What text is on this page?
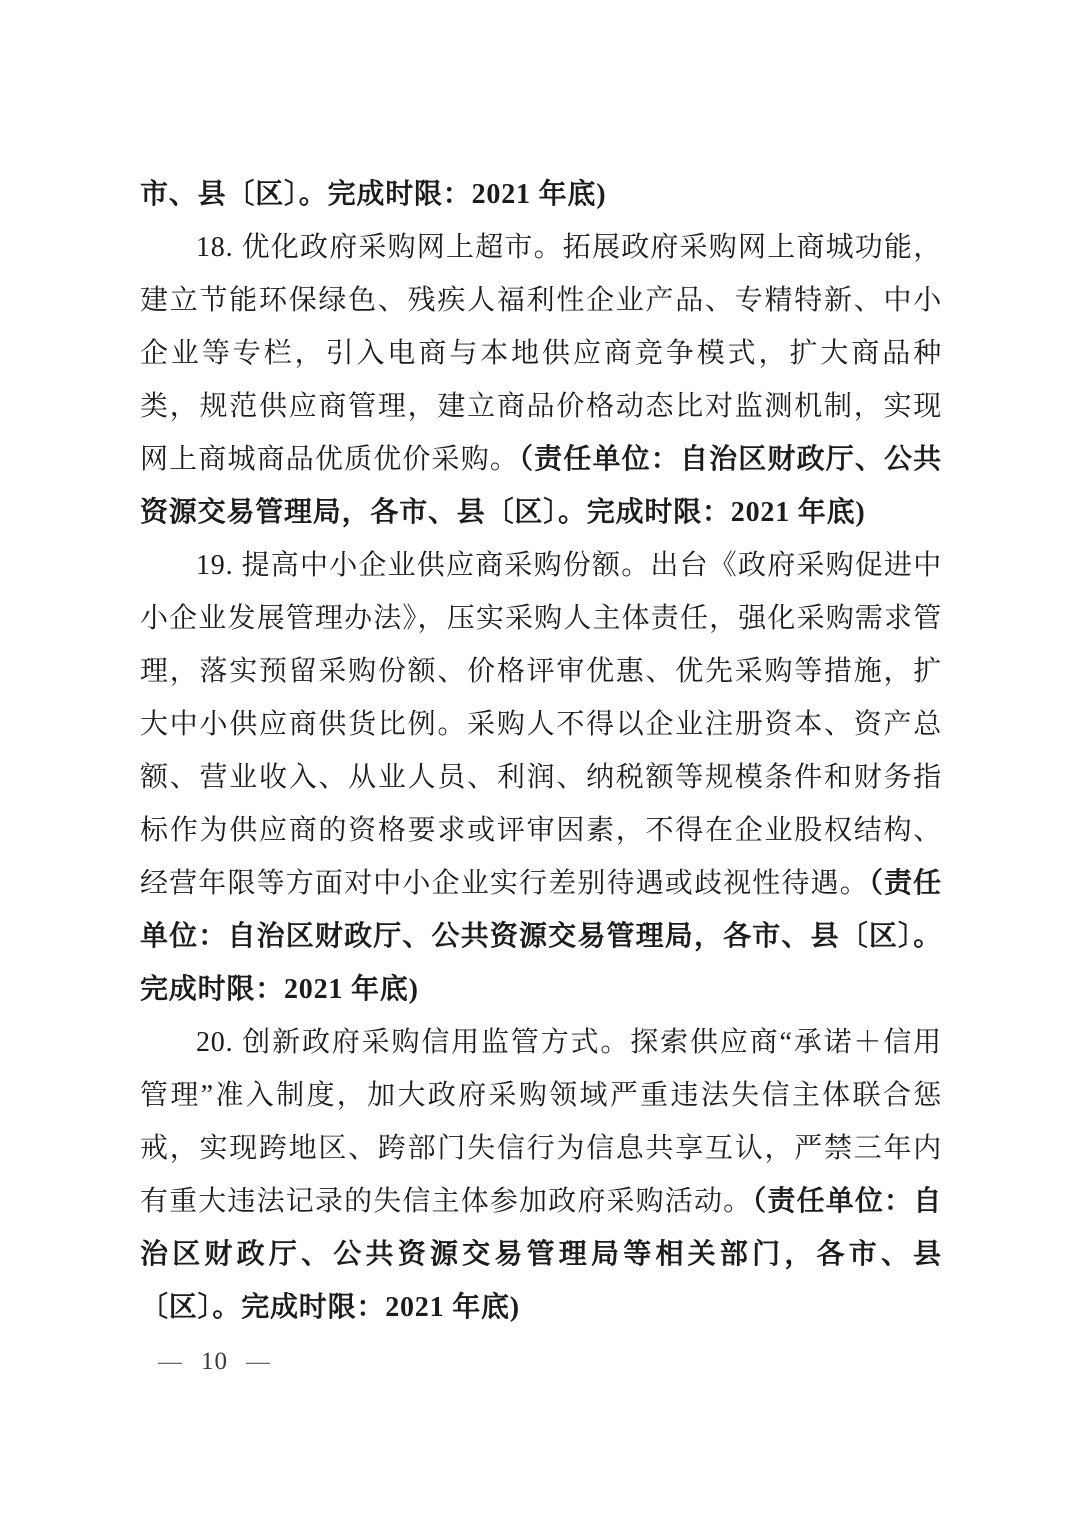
市、县〔区〕。完成时限：2021 年底)

18. 优化政府采购网上超市。拓展政府采购网上商城功能，建立节能环保绿色、残疾人福利性企业产品、专精特新、中小企业等专栏，引入电商与本地供应商竞争模式，扩大商品种类，规范供应商管理，建立商品价格动态比对监测机制，实现网上商城商品优质优价采购。（责任单位：自治区财政厅、公共资源交易管理局，各市、县〔区〕。完成时限：2021 年底)

19. 提高中小企业供应商采购份额。出台《政府采购促进中小企业发展管理办法》，压实采购人主体责任，强化采购需求管理，落实预留采购份额、价格评审优惠、优先采购等措施，扩大中小供应商供货比例。采购人不得以企业注册资本、资产总额、营业收入、从业人员、利润、纳税额等规模条件和财务指标作为供应商的资格要求或评审因素，不得在企业股权结构、经营年限等方面对中小企业实行差别待遇或歧视性待遇。（责任单位：自治区财政厅、公共资源交易管理局，各市、县〔区〕。完成时限：2021 年底)

20. 创新政府采购信用监管方式。探索供应商“承诺＋信用管理”准入制度，加大政府采购领域严重违法失信主体联合惩戒，实现跨地区、跨部门失信行为信息共享互认，严禁三年内有重大违法记录的失信主体参加政府采购活动。（责任单位：自治区财政厅、公共资源交易管理局等相关部门，各市、县〔区〕。完成时限：2021 年底)

— 10 —
